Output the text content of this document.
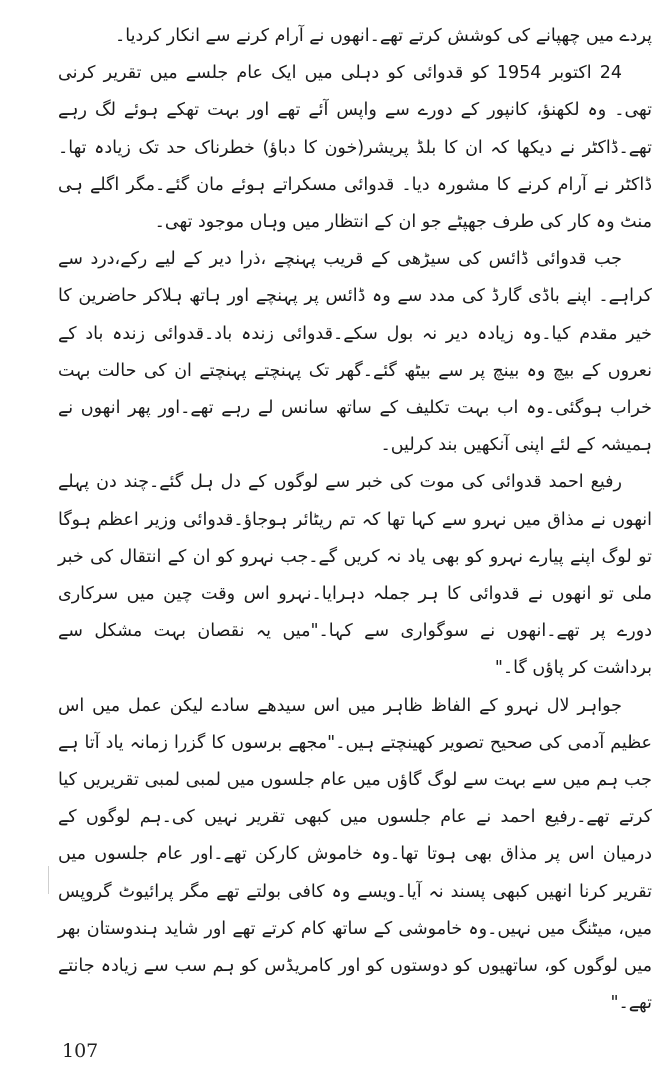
پردے میں چھپانے کی کوشش کرتے تھے۔انھوں نے آرام کرنے سے انکار کردیا۔

24 اکتوبر 1954 کو قدوائی کو دہلی میں ایک عام جلسے میں تقریر کرنی تھی۔ وہ لکھنؤ، کانپور کے دورے سے واپس آئے تھے اور بہت تھکے ہوئے لگ رہے تھے۔ڈاکٹر نے دیکھا کہ ان کا بلڈ پریشر(خون کا دباؤ) خطرناک حد تک زیادہ تھا۔ڈاکٹر نے آرام کرنے کا مشورہ دیا۔ قدوائی مسکراتے ہوئے مان گئے۔مگر اگلے ہی منٹ وہ کار کی طرف جھپٹے جو ان کے انتظار میں وہاں موجود تھی۔

جب قدوائی ڈائس کی سیڑھی کے قریب پہنچے ،ذرا دیر کے لیے رکے،درد سے کراہے۔ اپنے باڈی گارڈ کی مدد سے وہ ڈائس پر پہنچے اور ہاتھ ہلاکر حاضرین کا خیر مقدم کیا۔وہ زیادہ دیر نہ بول سکے۔قدوائی زندہ باد۔قدوائی زندہ باد کے نعروں کے بیچ وہ بینچ پر سے بیٹھ گئے۔گھر تک پہنچتے پہنچتے ان کی حالت بہت خراب ہوگئی۔وہ اب بہت تکلیف کے ساتھ سانس لے رہے تھے۔اور پھر انھوں نے ہمیشہ کے لئے اپنی آنکھیں بند کرلیں۔

رفیع احمد قدوائی کی موت کی خبر سے لوگوں کے دل ہل گئے۔چند دن پہلے انھوں نے مذاق میں نہرو سے کہا تھا کہ تم ریٹائر ہوجاؤ۔قدوائی وزیر اعظم ہوگا تو لوگ اپنے پیارے نہرو کو بھی یاد نہ کریں گے۔جب نہرو کو ان کے انتقال کی خبر ملی تو انھوں نے قدوائی کا ہر جملہ دہرایا۔نہرو اس وقت چین میں سرکاری دورے پر تھے۔انھوں نے سوگواری سے کہا۔"میں یہ نقصان بہت مشکل سے برداشت کر پاؤں گا۔"

جواہر لال نہرو کے الفاظ ظاہر میں اس سیدھے سادے لیکن عمل میں اس عظیم آدمی کی صحیح تصویر کھینچتے ہیں۔"مجھے برسوں کا گزرا زمانہ یاد آتا ہے جب ہم میں سے بہت سے لوگ گاؤں میں عام جلسوں میں لمبی لمبی تقریریں کیا کرتے تھے۔رفیع احمد نے عام جلسوں میں کبھی تقریر نہیں کی۔ہم لوگوں کے درمیان اس پر مذاق بھی ہوتا تھا۔وہ خاموش کارکن تھے۔اور عام جلسوں میں تقریر کرنا انھیں کبھی پسند نہ آیا۔ویسے وہ کافی بولتے تھے مگر پرائیوٹ گروپس میں، میٹنگ میں نہیں۔وہ خاموشی کے ساتھ کام کرتے تھے اور شاید ہندوستان بھر میں لوگوں کو، ساتھیوں کو دوستوں کو اور کامریڈس کو ہم سب سے زیادہ جانتے تھے۔"

107
